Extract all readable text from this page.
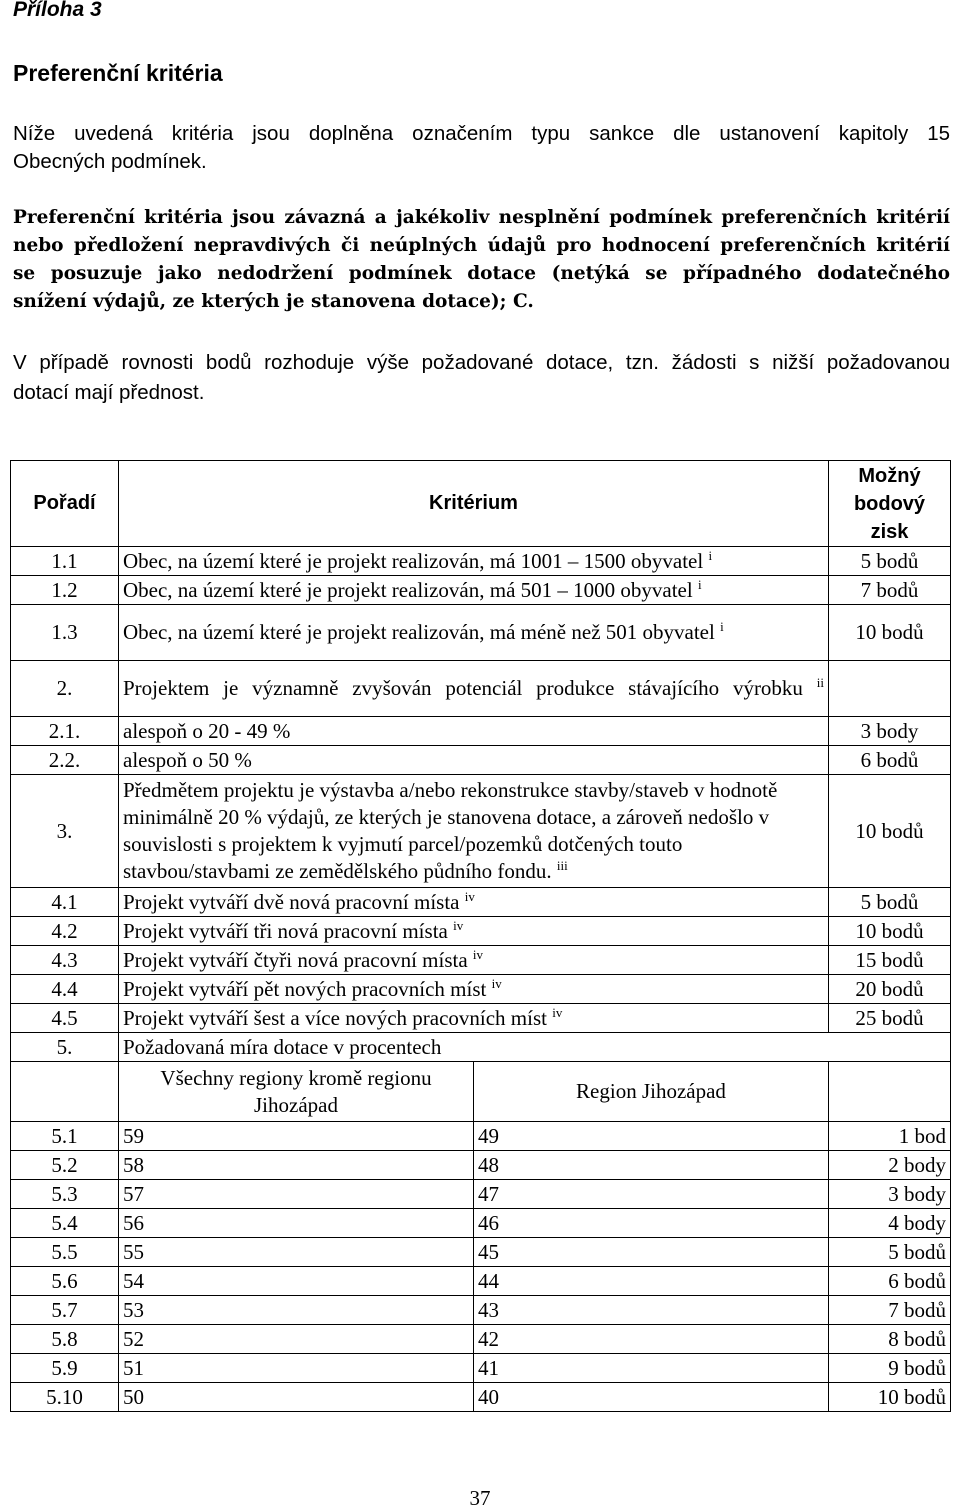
Příloha 3
Preferenční kritéria
Níže uvedená kritéria jsou doplněna označením typu sankce dle ustanovení kapitoly 15
Obecných podmínek.
Preferenční kritéria jsou závazná a jakékoliv nesplnění podmínek preferenčních kritérií
nebo předložení nepravdivých či neúplných údajů pro hodnocení preferenčních kritérií
se posuzuje jako nedodržení podmínek dotace (netýká se případného dodatečného
snížení výdajů, ze kterých je stanovena dotace); C.
V případě rovnosti bodů rozhoduje výše požadované dotace, tzn. žádosti s nižší požadovanou
dotací mají přednost.
Pořadí	Kritérium		Možný bodový zisk
1.1	Obec, na území které je projekt realizován, má 1001 – 1500 obyvatel $^i$		5 bodů
1.2	Obec, na území které je projekt realizován, má 501 – 1000 obyvatel $^i$		7 bodů
1.3	Obec, na území které je projekt realizován, má méně než 501 obyvatel $^i$		10 bodů
2.	Projektem je významně zvyšován potenciál produkce stávajícího výrobku $^{ii}$	
2.1.	alespoň o 20 - 49 %		3 body
2.2.	alespoň o 50 %		6 bodů
3.	Předmětem projektu je výstavba a/nebo rekonstrukce stavby/staveb v hodnotě minimálně 20 % výdajů, ze kterých je stanovena dotace, a zároveň nedošlo v souvislosti s projektem k vyjmutí parcel/pozemků dotčených touto stavbou/stavbami ze zemědělského půdního fondu. $^{iii}$		10 bodů
4.1	Projekt vytváří dvě nová pracovní místa $^{iv}$		5 bodů
4.2	Projekt vytváří tři nová pracovní místa $^{iv}$		10 bodů
4.3	Projekt vytváří čtyři nová pracovní místa $^{iv}$		15 bodů
4.4	Projekt vytváří pět nových pracovních míst $^{iv}$		20 bodů
4.5	Projekt vytváří šest a více nových pracovních míst $^{iv}$		25 bodů
5.	Požadovaná míra dotace v procentech		
	Všechny regiony kromě regionu Jihozápad	Region Jihozápad	
5.1	59	49	1 bod
5.2	58	48	2 body
5.3	57	47	3 body
5.4	56	46	4 body
5.5	55	45	5 bodů
5.6	54	44	6 bodů
5.7	53	43	7 bodů
5.8	52	42	8 bodů
5.9	51	41	9 bodů
5.10	50	40	10 bodů
37
